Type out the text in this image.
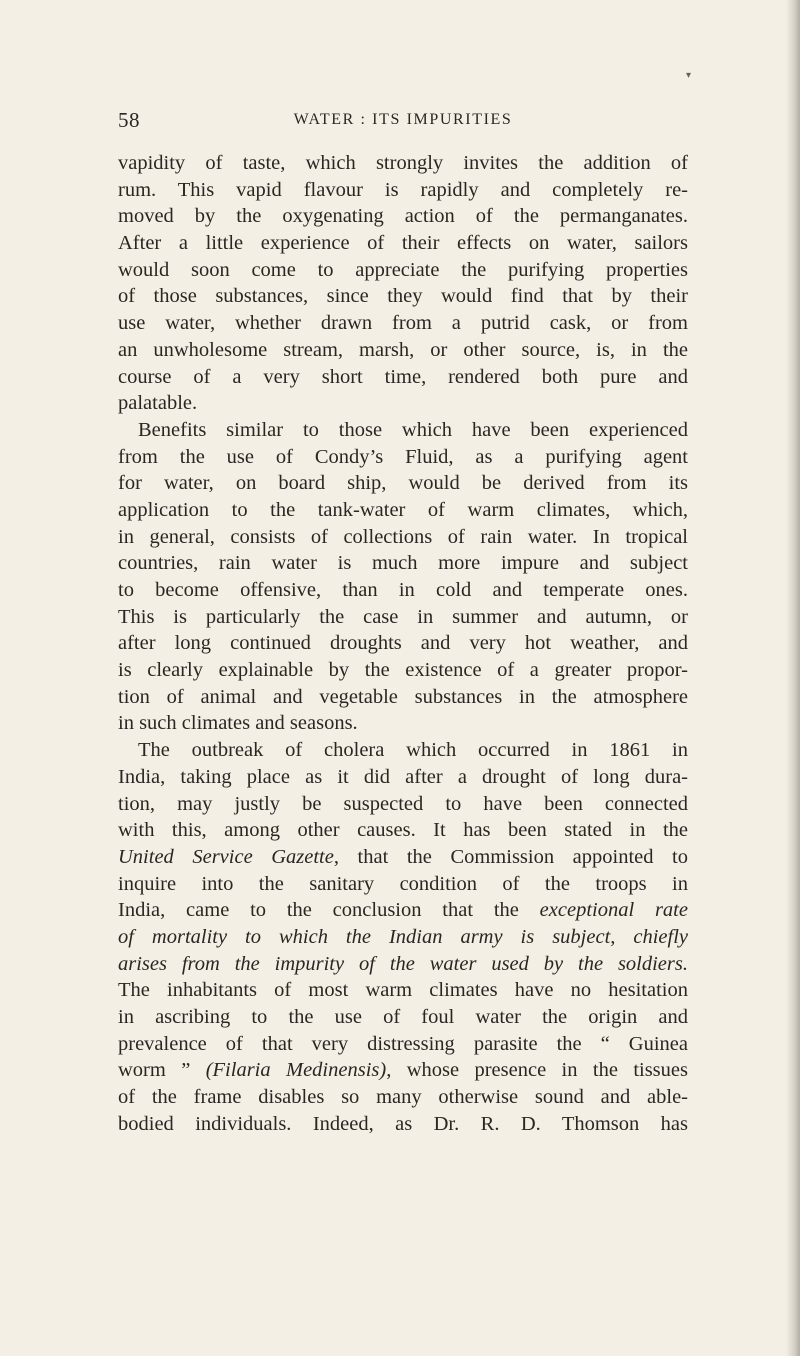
▾
58	WATER : ITS IMPURITIES
vapidity of taste, which strongly invites the addition of
rum. This vapid flavour is rapidly and completely re-
moved by the oxygenating action of the permanganates.
After a little experience of their effects on water, sailors
would soon come to appreciate the purifying properties
of those substances, since they would find that by their
use water, whether drawn from a putrid cask, or from
an unwholesome stream, marsh, or other source, is, in the
course of a very short time, rendered both pure and
palatable.
Benefits similar to those which have been experienced
from the use of Condy’s Fluid, as a purifying agent
for water, on board ship, would be derived from its
application to the tank-water of warm climates, which,
in general, consists of collections of rain water. In tropical
countries, rain water is much more impure and subject
to become offensive, than in cold and temperate ones.
This is particularly the case in summer and autumn, or
after long continued droughts and very hot weather, and
is clearly explainable by the existence of a greater propor-
tion of animal and vegetable substances in the atmosphere
in such climates and seasons.
The outbreak of cholera which occurred in 1861 in
India, taking place as it did after a drought of long dura-
tion, may justly be suspected to have been connected
with this, among other causes. It has been stated in the
United Service Gazette, that the Commission appointed to
inquire into the sanitary condition of the troops in
India, came to the conclusion that the exceptional rate
of mortality to which the Indian army is subject, chiefly
arises from the impurity of the water used by the soldiers.
The inhabitants of most warm climates have no hesitation
in ascribing to the use of foul water the origin and
prevalence of that very distressing parasite the “ Guinea
worm ” (Filaria Medinensis), whose presence in the tissues
of the frame disables so many otherwise sound and able-
bodied individuals. Indeed, as Dr. R. D. Thomson has
